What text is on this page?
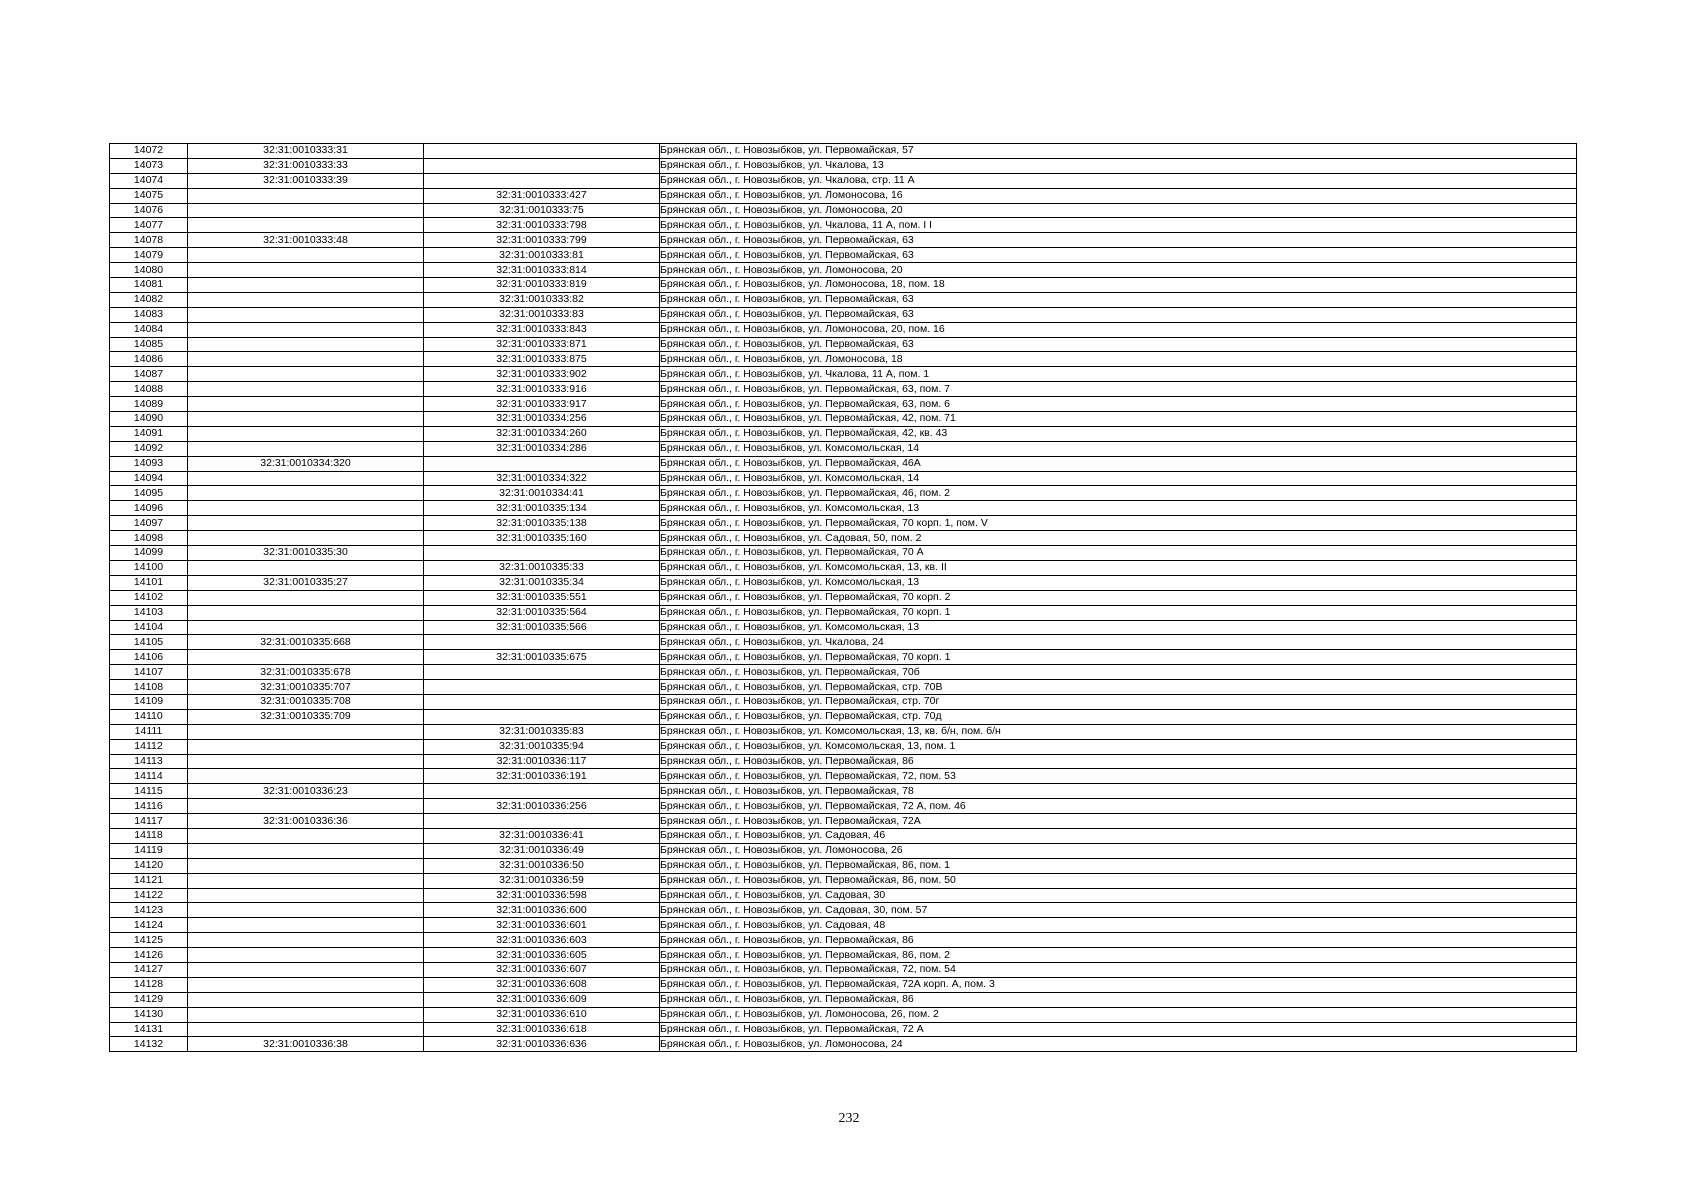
14072	32:31:0010333:31		Брянская обл., г. Новозыбков, ул. Первомайская, 57
14073	32:31:0010333:33		Брянская обл., г. Новозыбков, ул. Чкалова, 13
14074	32:31:0010333:39		Брянская обл., г. Новозыбков, ул. Чкалова, стр. 11 А
14075		32:31:0010333:427	Брянская обл., г. Новозыбков, ул. Ломоносова, 16
14076		32:31:0010333:75	Брянская обл., г. Новозыбков, ул. Ломоносова, 20
14077		32:31:0010333:798	Брянская обл., г. Новозыбков, ул. Чкалова, 11 А, пом. I I
14078	32:31:0010333:48	32:31:0010333:799	Брянская обл., г. Новозыбков, ул. Первомайская, 63
14079		32:31:0010333:81	Брянская обл., г. Новозыбков, ул. Первомайская, 63
14080		32:31:0010333:814	Брянская обл., г. Новозыбков, ул. Ломоносова, 20
14081		32:31:0010333:819	Брянская обл., г. Новозыбков, ул. Ломоносова, 18, пом. 18
14082		32:31:0010333:82	Брянская обл., г. Новозыбков, ул. Первомайская, 63
14083		32:31:0010333:83	Брянская обл., г. Новозыбков, ул. Первомайская, 63
14084		32:31:0010333:843	Брянская обл., г. Новозыбков, ул. Ломоносова, 20, пом. 16
14085		32:31:0010333:871	Брянская обл., г. Новозыбков, ул. Первомайская, 63
14086		32:31:0010333:875	Брянская обл., г. Новозыбков, ул. Ломоносова, 18
14087		32:31:0010333:902	Брянская обл., г. Новозыбков, ул. Чкалова, 11 А, пом. 1
14088		32:31:0010333:916	Брянская обл., г. Новозыбков, ул. Первомайская, 63, пом. 7
14089		32:31:0010333:917	Брянская обл., г. Новозыбков, ул. Первомайская, 63, пом. 6
14090		32:31:0010334:256	Брянская обл., г. Новозыбков, ул. Первомайская, 42, пом. 71
14091		32:31:0010334:260	Брянская обл., г. Новозыбков, ул. Первомайская, 42, кв. 43
14092		32:31:0010334:286	Брянская обл., г. Новозыбков, ул. Комсомольская, 14
14093	32:31:0010334:320		Брянская обл., г. Новозыбков, ул. Первомайская, 46А
14094		32:31:0010334:322	Брянская обл., г. Новозыбков, ул. Комсомольская, 14
14095		32:31:0010334:41	Брянская обл., г. Новозыбков, ул. Первомайская, 46, пом. 2
14096		32:31:0010335:134	Брянская обл., г. Новозыбков, ул. Комсомольская, 13
14097		32:31:0010335:138	Брянская обл., г. Новозыбков, ул. Первомайская, 70 корп. 1, пом. V
14098		32:31:0010335:160	Брянская обл., г. Новозыбков, ул. Садовая, 50, пом. 2
14099	32:31:0010335:30		Брянская обл., г. Новозыбков, ул. Первомайская, 70 А
14100		32:31:0010335:33	Брянская обл., г. Новозыбков, ул. Комсомольская, 13, кв. II
14101	32:31:0010335:27	32:31:0010335:34	Брянская обл., г. Новозыбков, ул. Комсомольская, 13
14102		32:31:0010335:551	Брянская обл., г. Новозыбков, ул. Первомайская, 70 корп. 2
14103		32:31:0010335:564	Брянская обл., г. Новозыбков, ул. Первомайская, 70 корп. 1
14104		32:31:0010335:566	Брянская обл., г. Новозыбков, ул. Комсомольская, 13
14105	32:31:0010335:668		Брянская обл., г. Новозыбков, ул. Чкалова, 24
14106		32:31:0010335:675	Брянская обл., г. Новозыбков, ул. Первомайская, 70 корп. 1
14107	32:31:0010335:678		Брянская обл., г. Новозыбков, ул. Первомайская, 70б
14108	32:31:0010335:707		Брянская обл., г. Новозыбков, ул. Первомайская, стр. 70В
14109	32:31:0010335:708		Брянская обл., г. Новозыбков, ул. Первомайская, стр. 70г
14110	32:31:0010335:709		Брянская обл., г. Новозыбков, ул. Первомайская, стр. 70д
14111		32:31:0010335:83	Брянская обл., г. Новозыбков, ул. Комсомольская, 13, кв. б/н, пом. б/н
14112		32:31:0010335:94	Брянская обл., г. Новозыбков, ул. Комсомольская, 13, пом. 1
14113		32:31:0010336:117	Брянская обл., г. Новозыбков, ул. Первомайская, 86
14114		32:31:0010336:191	Брянская обл., г. Новозыбков, ул. Первомайская, 72, пом. 53
14115	32:31:0010336:23		Брянская обл., г. Новозыбков, ул. Первомайская, 78
14116		32:31:0010336:256	Брянская обл., г. Новозыбков, ул. Первомайская, 72 А, пом. 46
14117	32:31:0010336:36		Брянская обл., г. Новозыбков, ул. Первомайская, 72А
14118		32:31:0010336:41	Брянская обл., г. Новозыбков, ул. Садовая, 46
14119		32:31:0010336:49	Брянская обл., г. Новозыбков, ул. Ломоносова, 26
14120		32:31:0010336:50	Брянская обл., г. Новозыбков, ул. Первомайская, 86, пом. 1
14121		32:31:0010336:59	Брянская обл., г. Новозыбков, ул. Первомайская, 86, пом. 50
14122		32:31:0010336:598	Брянская обл., г. Новозыбков, ул. Садовая, 30
14123		32:31:0010336:600	Брянская обл., г. Новозыбков, ул. Садовая, 30, пом. 57
14124		32:31:0010336:601	Брянская обл., г. Новозыбков, ул. Садовая, 48
14125		32:31:0010336:603	Брянская обл., г. Новозыбков, ул. Первомайская, 86
14126		32:31:0010336:605	Брянская обл., г. Новозыбков, ул. Первомайская, 86, пом. 2
14127		32:31:0010336:607	Брянская обл., г. Новозыбков, ул. Первомайская, 72, пом. 54
14128		32:31:0010336:608	Брянская обл., г. Новозыбков, ул. Первомайская, 72А корп. А, пом. 3
14129		32:31:0010336:609	Брянская обл., г. Новозыбков, ул. Первомайская, 86
14130		32:31:0010336:610	Брянская обл., г. Новозыбков, ул. Ломоносова, 26, пом. 2
14131		32:31:0010336:618	Брянская обл., г. Новозыбков, ул. Первомайская, 72 А
14132	32:31:0010336:38	32:31:0010336:636	Брянская обл., г. Новозыбков, ул. Ломоносова, 24
232
